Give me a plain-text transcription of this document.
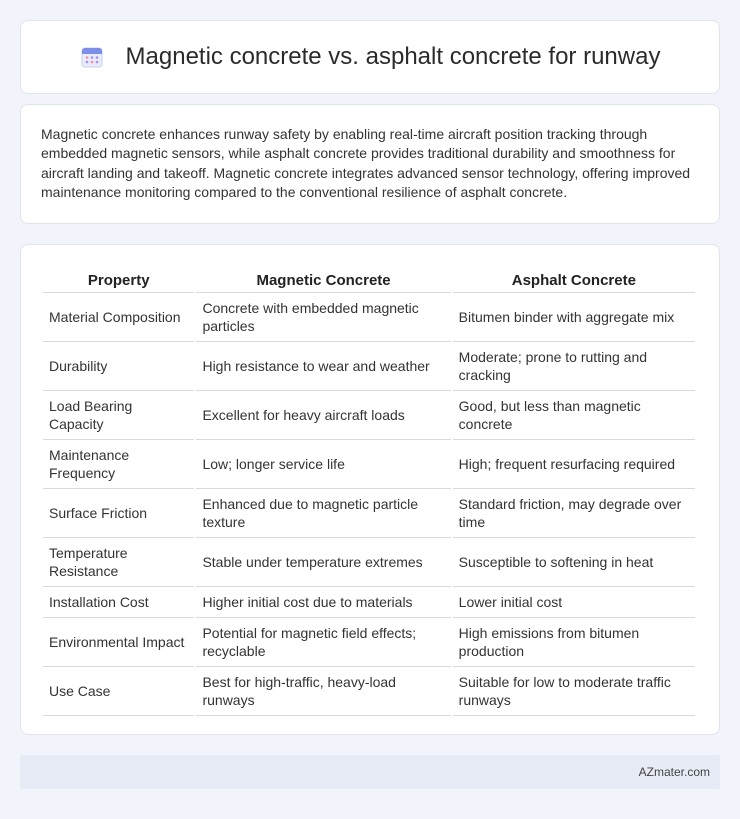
Magnetic concrete vs. asphalt concrete for runway

Magnetic concrete enhances runway safety by enabling real-time aircraft position tracking through embedded magnetic sensors, while asphalt concrete provides traditional durability and smoothness for aircraft landing and takeoff. Magnetic concrete integrates advanced sensor technology, offering improved maintenance monitoring compared to the conventional resilience of asphalt concrete.

Property	Magnetic Concrete	Asphalt Concrete
Material Composition	Concrete with embedded magnetic particles	Bitumen binder with aggregate mix
Durability	High resistance to wear and weather	Moderate; prone to rutting and cracking
Load Bearing Capacity	Excellent for heavy aircraft loads	Good, but less than magnetic concrete
Maintenance Frequency	Low; longer service life	High; frequent resurfacing required
Surface Friction	Enhanced due to magnetic particle texture	Standard friction, may degrade over time
Temperature Resistance	Stable under temperature extremes	Susceptible to softening in heat
Installation Cost	Higher initial cost due to materials	Lower initial cost
Environmental Impact	Potential for magnetic field effects; recyclable	High emissions from bitumen production
Use Case	Best for high-traffic, heavy-load runways	Suitable for low to moderate traffic runways
AZmater.com
